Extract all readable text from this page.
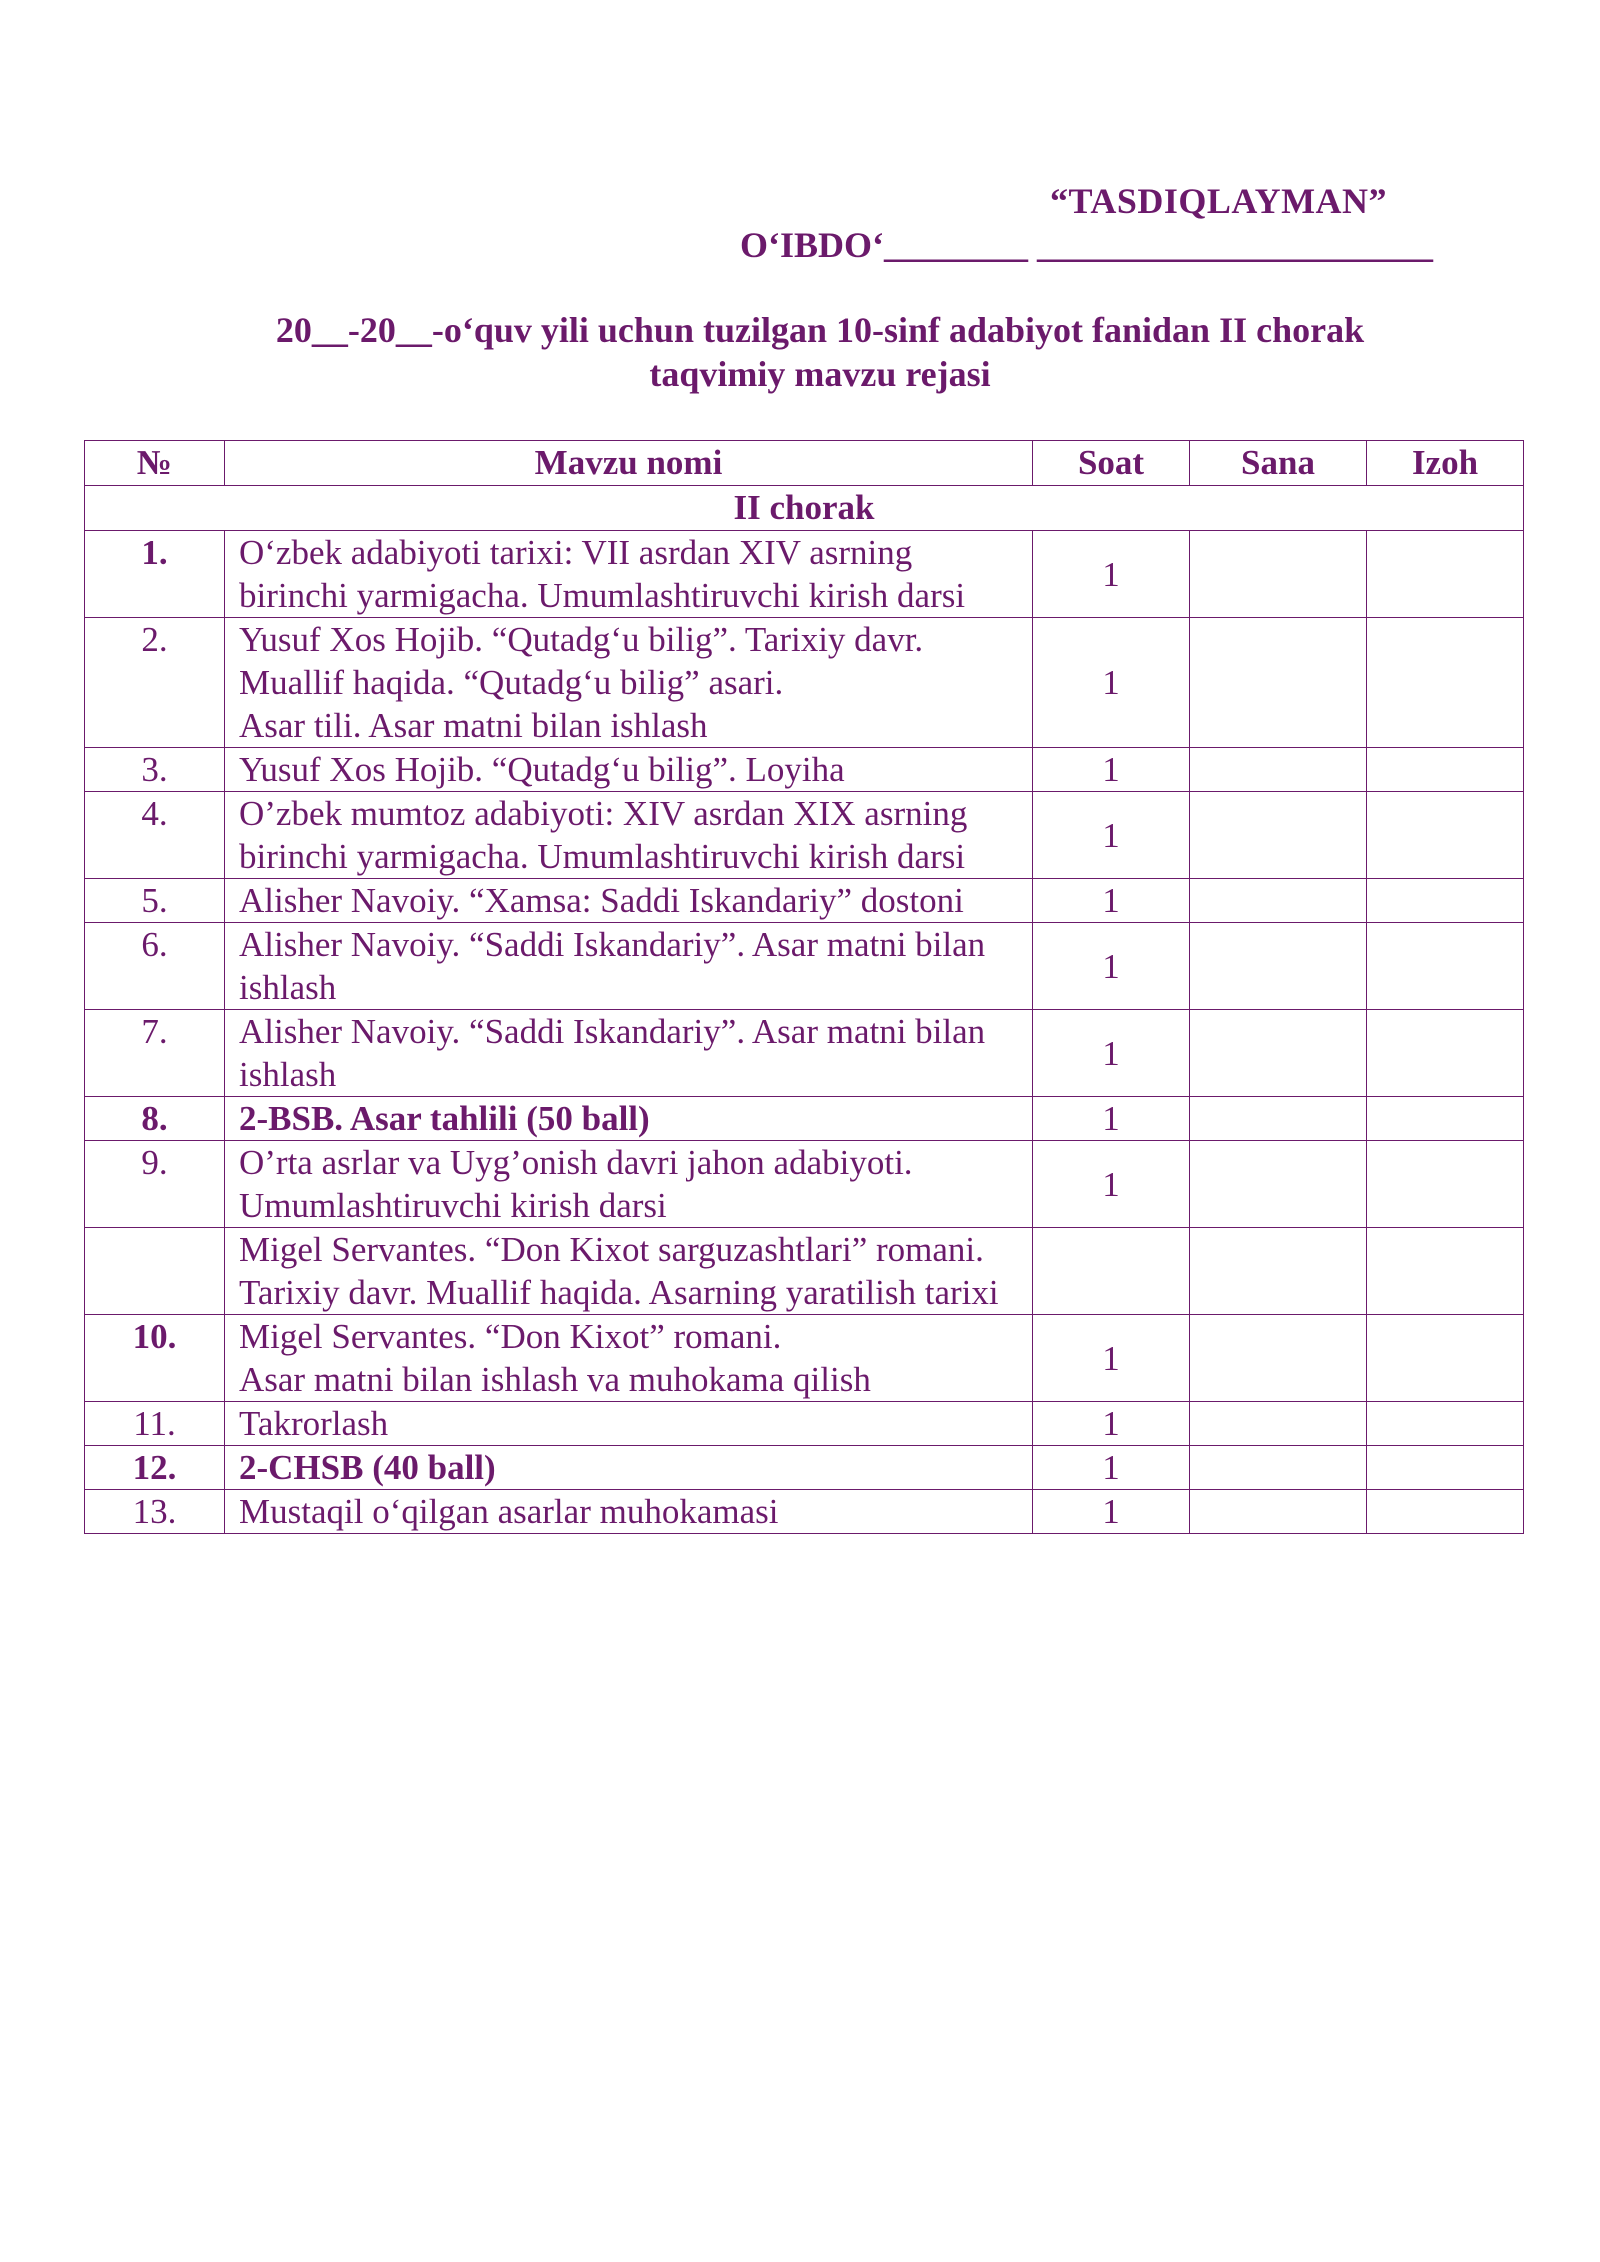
“TASDIQLAYMAN”
O‘IBDO‘________ ______________________
20__-20__-o‘quv yili uchun tuzilgan 10-sinf adabiyot fanidan II chorak
taqvimiy mavzu rejasi
№	Mavzu nomi	Soat	Sana	Izoh
II chorak				
1.	O‘zbek adabiyoti tarixi: VII asrdan XIV asrning birinchi yarmigacha. Umumlashtiruvchi kirish darsi	1		
2.	Yusuf Xos Hojib. “Qutadg‘u bilig”. Tarixiy davr. Muallif haqida. “Qutadg‘u bilig” asari.
Asar tili. Asar matni bilan ishlash	1		
3.	Yusuf Xos Hojib. “Qutadg‘u bilig”. Loyiha	1		
4.	O’zbek mumtoz adabiyoti: XIV asrdan XIX asrning birinchi yarmigacha. Umumlashtiruvchi kirish darsi	1		
5.	Alisher Navoiy. “Xamsa: Saddi Iskandariy” dostoni	1		
6.	Alisher Navoiy. “Saddi Iskandariy”. Asar matni bilan ishlash	1		
7.	Alisher Navoiy. “Saddi Iskandariy”. Asar matni bilan ishlash	1		
8.	2-BSB. Asar tahlili (50 ball)	1		
9.	O’rta asrlar va Uyg’onish davri jahon adabiyoti. Umumlashtiruvchi kirish darsi	1		
	Migel Servantes. “Don Kixot sarguzashtlari” romani. Tarixiy davr. Muallif haqida. Asarning yaratilish tarixi			
10.	Migel Servantes. “Don Kixot” romani.
Asar matni bilan ishlash va muhokama qilish	1		
11.	Takrorlash	1		
12.	2-CHSB (40 ball)	1		
13.	Mustaqil o‘qilgan asarlar muhokamasi	1		
